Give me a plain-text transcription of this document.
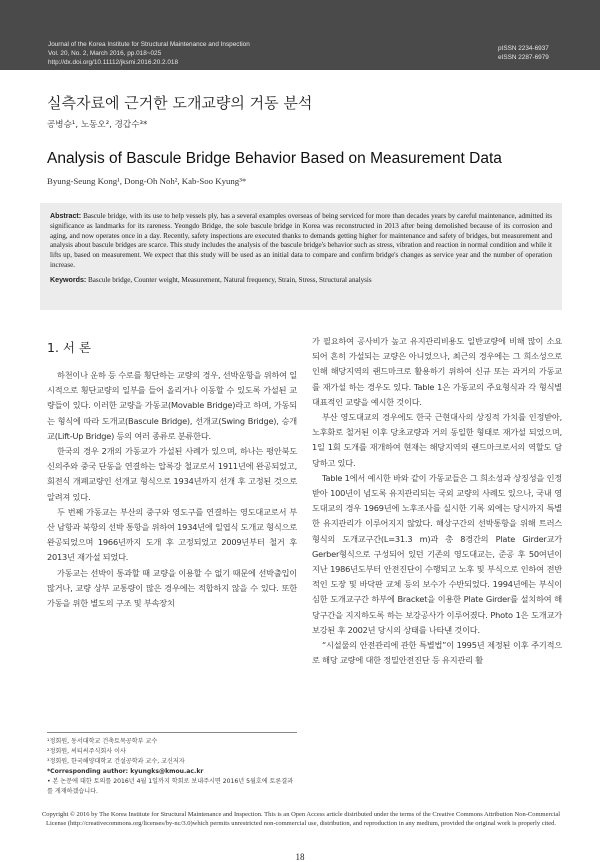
Journal of the Korea Institute for Structural Maintenance and Inspection
Vol. 20, No. 2, March 2016, pp.018~025
http://dx.doi.org/10.11112/jksmi.2016.20.2.018
pISSN 2234-6937
eISSN 2287-6979
실측자료에 근거한 도개교량의 거동 분석
공병승¹, 노동오², 경갑수³*
Analysis of Bascule Bridge Behavior Based on Measurement Data
Byung-Seung Kong¹, Dong-Oh Noh², Kab-Soo Kyung³*
Abstract: Bascule bridge, with its use to help vessels ply, has a several examples overseas of being serviced for more than decades years by careful maintenance, admitted its significance as landmarks for its rareness. Yeongdo Bridge, the sole bascule bridge in Korea was reconstructed in 2013 after being demolished because of its corrosion and aging, and now operates once in a day. Recently, safety inspections are executed thanks to demands getting higher for maintenance and safety of bridges, but measurement and analysis about bascule bridges are scarce. This study includes the analysis of the bascule bridge's behavior such as stress, vibration and reaction in normal condition and while it lifts up, based on measurement. We expect that this study will be used as an initial data to compare and confirm bridge's changes as service year and the number of operation increase.
Keywords: Bascule bridge, Counter weight, Measurement, Natural frequency, Strain, Stress, Structural analysis
1. 서 론

하천이나 운하 등 수로를 횡단하는 교량의 경우, 선박운항을 위하여 일시적으로 횡단교량의 일부를 들어 올리거나 이동할 수 있도록 가설된 교량들이 있다. 이러한 교량을 가동교(Movable Bridge)라고 하며, 가동되는 형식에 따라 도개교(Bascule Bridge), 선개교(Swing Bridge), 승개교(Lift-Up Bridge) 등의 여러 종류로 분류한다.

한국의 경우 2개의 가동교가 가설된 사례가 있으며, 하나는 평안북도 신의주와 중국 단동을 연결하는 압록강 철교로서 1911년에 완공되었고, 회전식 개폐교량인 선개교 형식으로 1934년까지 선개 후 고정된 것으로 알려져 있다.

두 번째 가동교는 부산의 중구와 영도구를 연결하는 영도대교로서 부산 남항과 북항의 선박 통항을 위하여 1934년에 일엽식 도개교 형식으로 완공되었으며 1966년까지 도개 후 고정되었고 2009년부터 철거 후 2013년 재가설 되었다.

가동교는 선박이 통과할 때 교량을 이용할 수 없기 때문에 선박출입이 많거나, 교량 상부 교통량이 많은 경우에는 적합하지 않을 수 있다. 또한 가동을 위한 별도의 구조 및 부속장치

가 필요하여 공사비가 높고 유지관리비용도 일반교량에 비해 많이 소요되어 흔히 가설되는 교량은 아니었으나, 최근의 경우에는 그 희소성으로 인해 해당지역의 랜드마크로 활용하기 위하여 신규 또는 과거의 가동교를 재가설 하는 경우도 있다. Table 1은 가동교의 주요형식과 각 형식별 대표적인 교량을 예시한 것이다.

부산 영도대교의 경우에도 한국 근현대사의 상징적 가치를 인정받아, 노후화로 철거된 이후 당초교량과 거의 동일한 형태로 재가설 되었으며, 1일 1회 도개를 재개하여 현재는 해당지역의 랜드마크로서의 역할도 담당하고 있다.

Table 1에서 예시한 바와 같이 가동교들은 그 희소성과 상징성을 인정받아 100년이 넘도록 유지관리되는 국외 교량의 사례도 있으나, 국내 영도대교의 경우 1969년에 노후조사를 실시한 기록 외에는 당시까지 특별한 유지관리가 이루어지지 않았다. 해상구간의 선박통항을 위해 트러스 형식의 도개교구간(L=31.3 m)과 총 8경간의 Plate Girder교가 Gerber형식으로 구성되어 있던 기존의 영도대교는, 준공 후 50여년이 지난 1986년도부터 안전진단이 수행되고 노후 및 부식으로 인하여 전반적인 도장 및 바닥판 교체 등의 보수가 수반되었다. 1994년에는 부식이 심한 도개교구간 하부에 Bracket을 이용한 Plate Girder를 설치하여 해당구간을 지지하도록 하는 보강공사가 이루어졌다. Photo 1은 도개교가 보강된 후 2002년 당시의 상태를 나타낸 것이다.

“시설물의 안전관리에 관한 특별법”이 1995년 제정된 이후 주기적으로 해당 교량에 대한 정밀안전진단 등 유지관리 활

¹정회원, 동서대학교 건축토목공학부 교수
²정회원, 씨티씨주식회사 이사
³정회원, 한국해양대학교 건설공학과 교수, 교신저자
*Corresponding author: kyungks@kmou.ac.kr
• 본 논문에 대한 토의를 2016년 4월 1일까지 학회로 보내주시면 2016년 5월호에 토론결과를 게재하겠습니다.
Copyright © 2016 by The Korea Institute for Structural Maintenance and Inspection. This is an Open Access article distributed under the terms of the Creative Commons Attribution Non-Commercial License (http://creativecommons.org/licenses/by-nc/3.0)which permits unrestricted non-commercial use, distribution, and reproduction in any medium, provided the original work is properly cited.
18
